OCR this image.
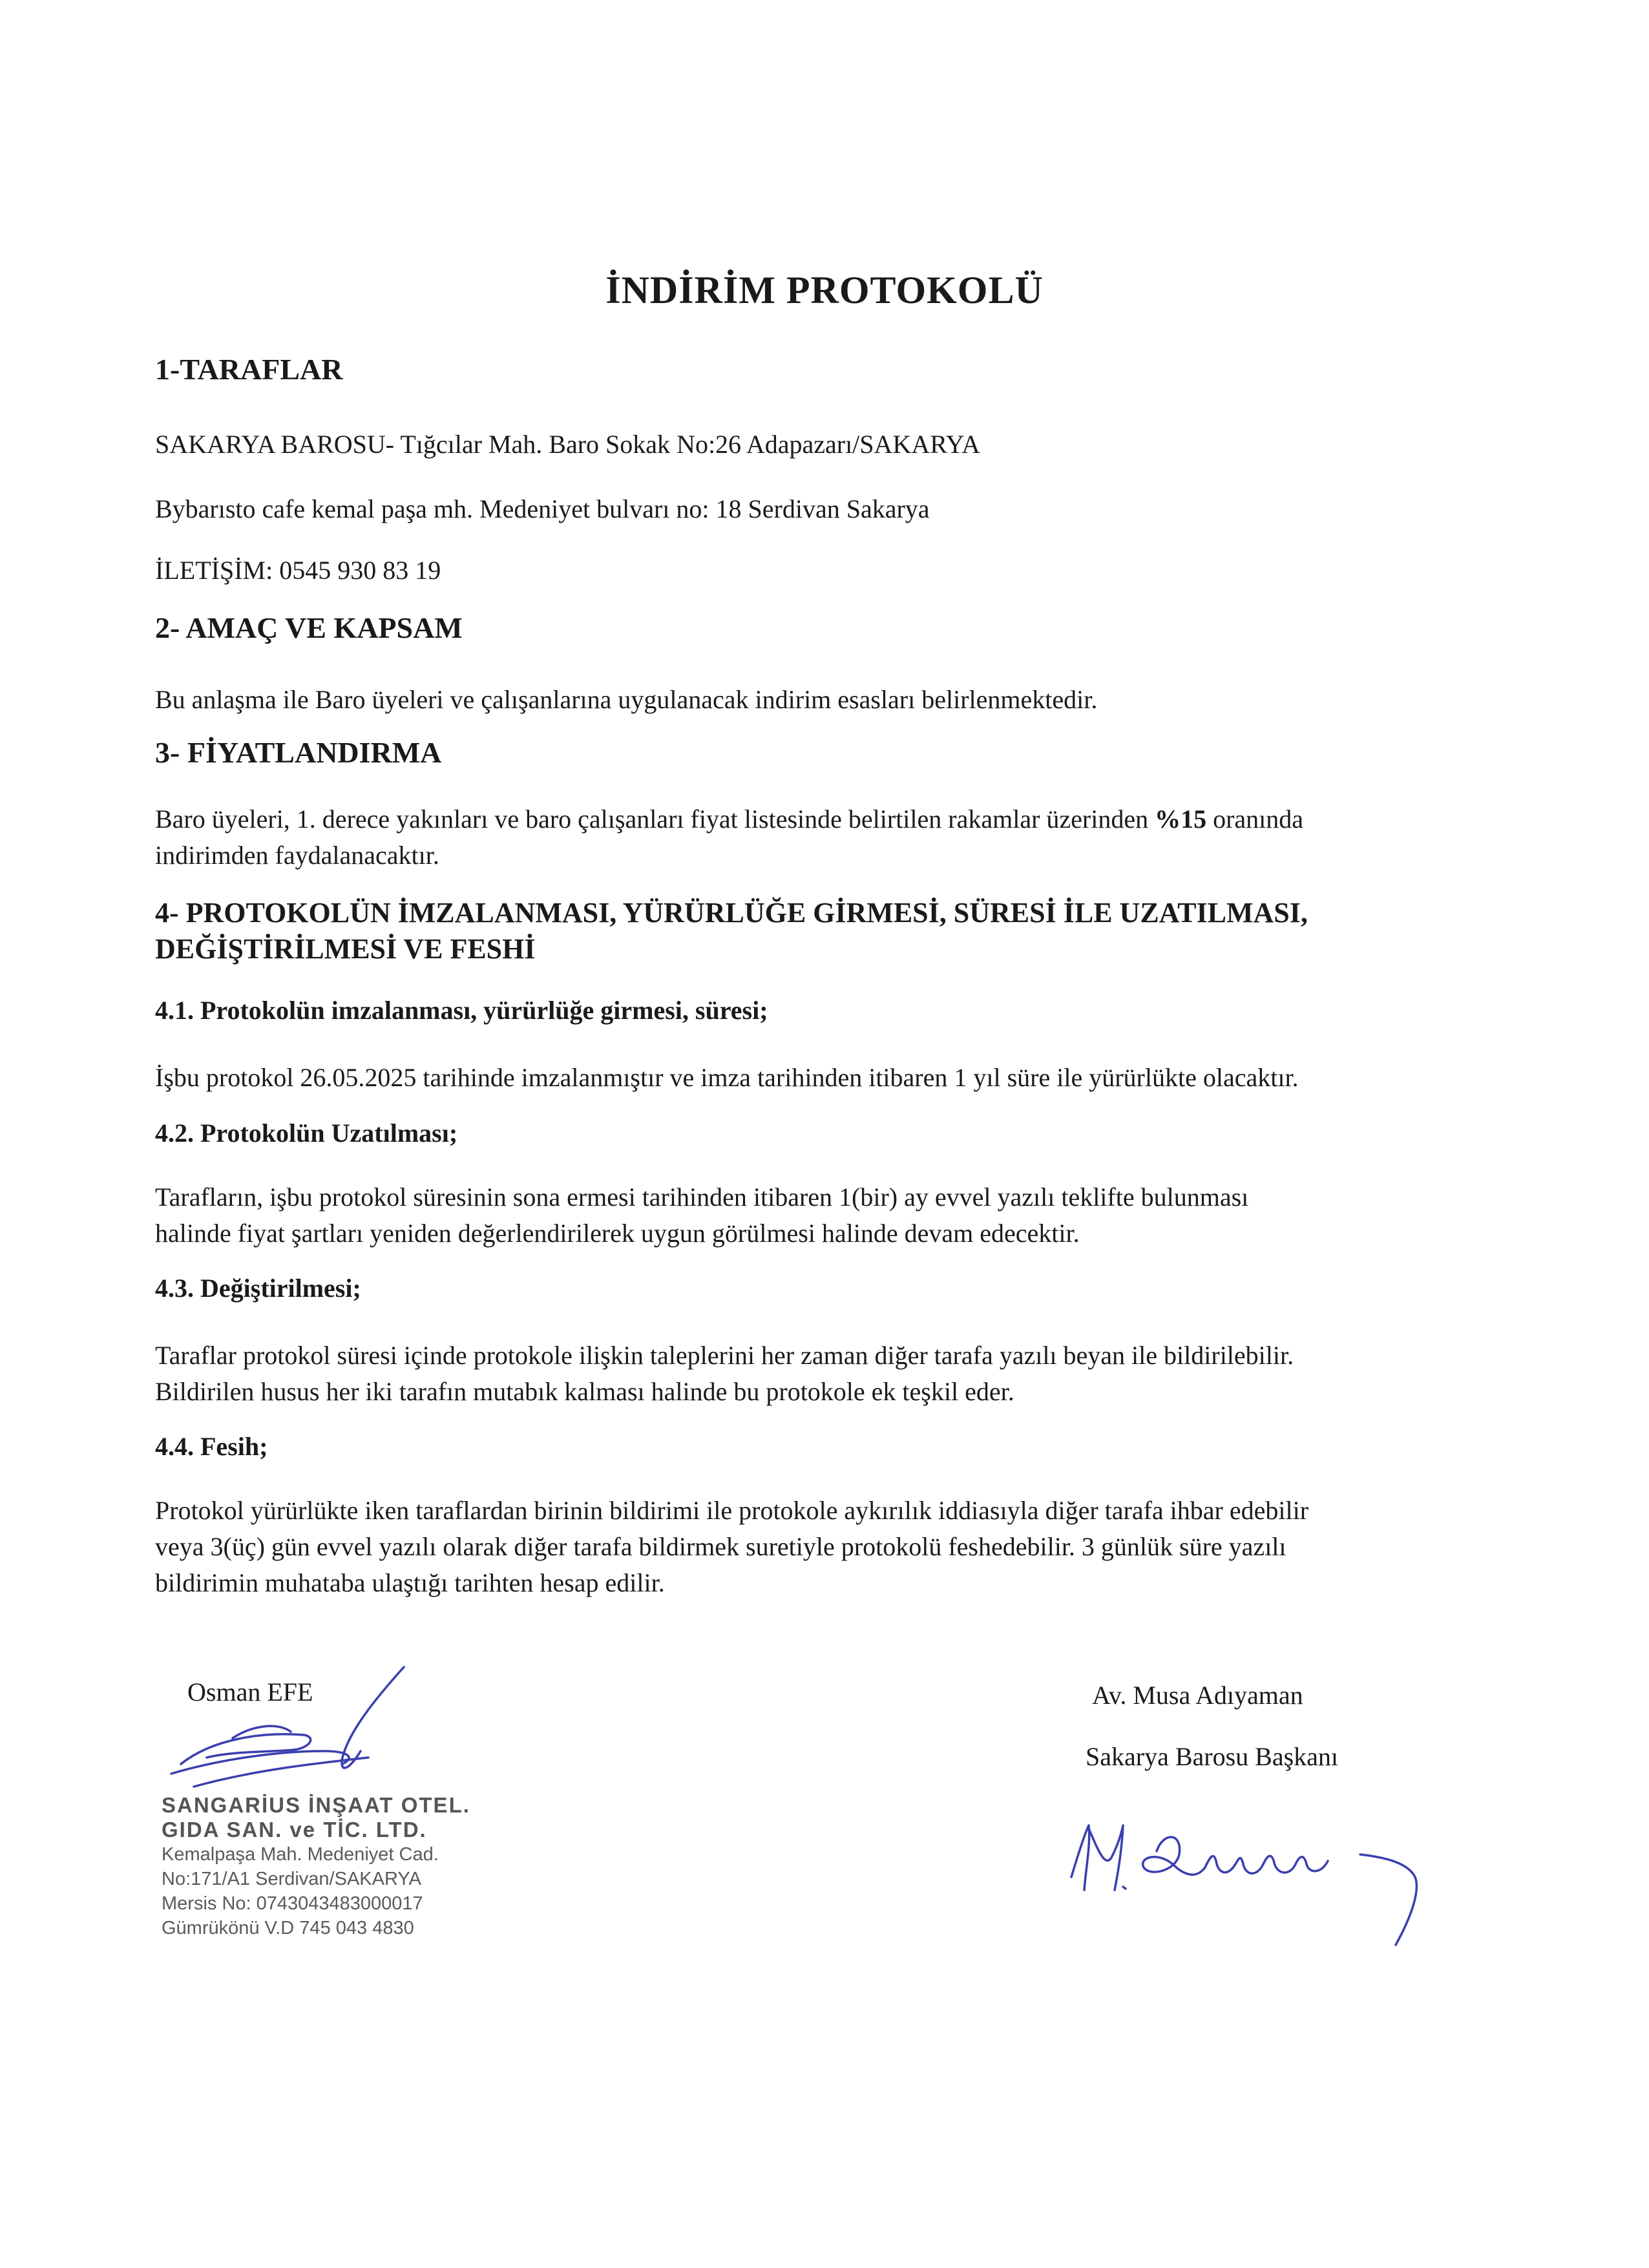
İNDİRİM PROTOKOLÜ
1-TARAFLAR
SAKARYA BAROSU- Tığcılar Mah. Baro Sokak No:26 Adapazarı/SAKARYA
Bybarısto cafe kemal paşa mh. Medeniyet bulvarı no: 18 Serdivan Sakarya
İLETİŞİM: 0545 930 83 19
2- AMAÇ VE KAPSAM
Bu anlaşma ile Baro üyeleri ve çalışanlarına uygulanacak indirim esasları belirlenmektedir.
3- FİYATLANDIRMA
Baro üyeleri, 1. derece yakınları ve baro çalışanları fiyat listesinde belirtilen rakamlar üzerinden %15 oranında
indirimden faydalanacaktır.
4- PROTOKOLÜN İMZALANMASI, YÜRÜRLÜĞE GİRMESİ, SÜRESİ İLE UZATILMASI,
DEĞİŞTİRİLMESİ VE FESHİ
4.1. Protokolün imzalanması, yürürlüğe girmesi, süresi;
İşbu protokol 26.05.2025 tarihinde imzalanmıştır ve imza tarihinden itibaren 1 yıl süre ile yürürlükte olacaktır.
4.2. Protokolün Uzatılması;
Tarafların, işbu protokol süresinin sona ermesi tarihinden itibaren 1(bir) ay evvel yazılı teklifte bulunması
halinde fiyat şartları yeniden değerlendirilerek uygun görülmesi halinde devam edecektir.
4.3. Değiştirilmesi;
Taraflar protokol süresi içinde protokole ilişkin taleplerini her zaman diğer tarafa yazılı beyan ile bildirilebilir.
Bildirilen husus her iki tarafın mutabık kalması halinde bu protokole ek teşkil eder.
4.4. Fesih;
Protokol yürürlükte iken taraflardan birinin bildirimi ile protokole aykırılık iddiasıyla diğer tarafa ihbar edebilir
veya 3(üç) gün evvel yazılı olarak diğer tarafa bildirmek suretiyle protokolü feshedebilir. 3 günlük süre yazılı
bildirimin muhataba ulaştığı tarihten hesap edilir.
Osman EFE
SANGARİUS İNŞAAT OTEL.
GIDA SAN. ve TİC. LTD.
Kemalpaşa Mah. Medeniyet Cad.
No:171/A1 Serdivan/SAKARYA
Mersis No: 0743043483000017
Gümrükönü V.D 745 043 4830
Av. Musa Adıyaman
Sakarya Barosu Başkanı
